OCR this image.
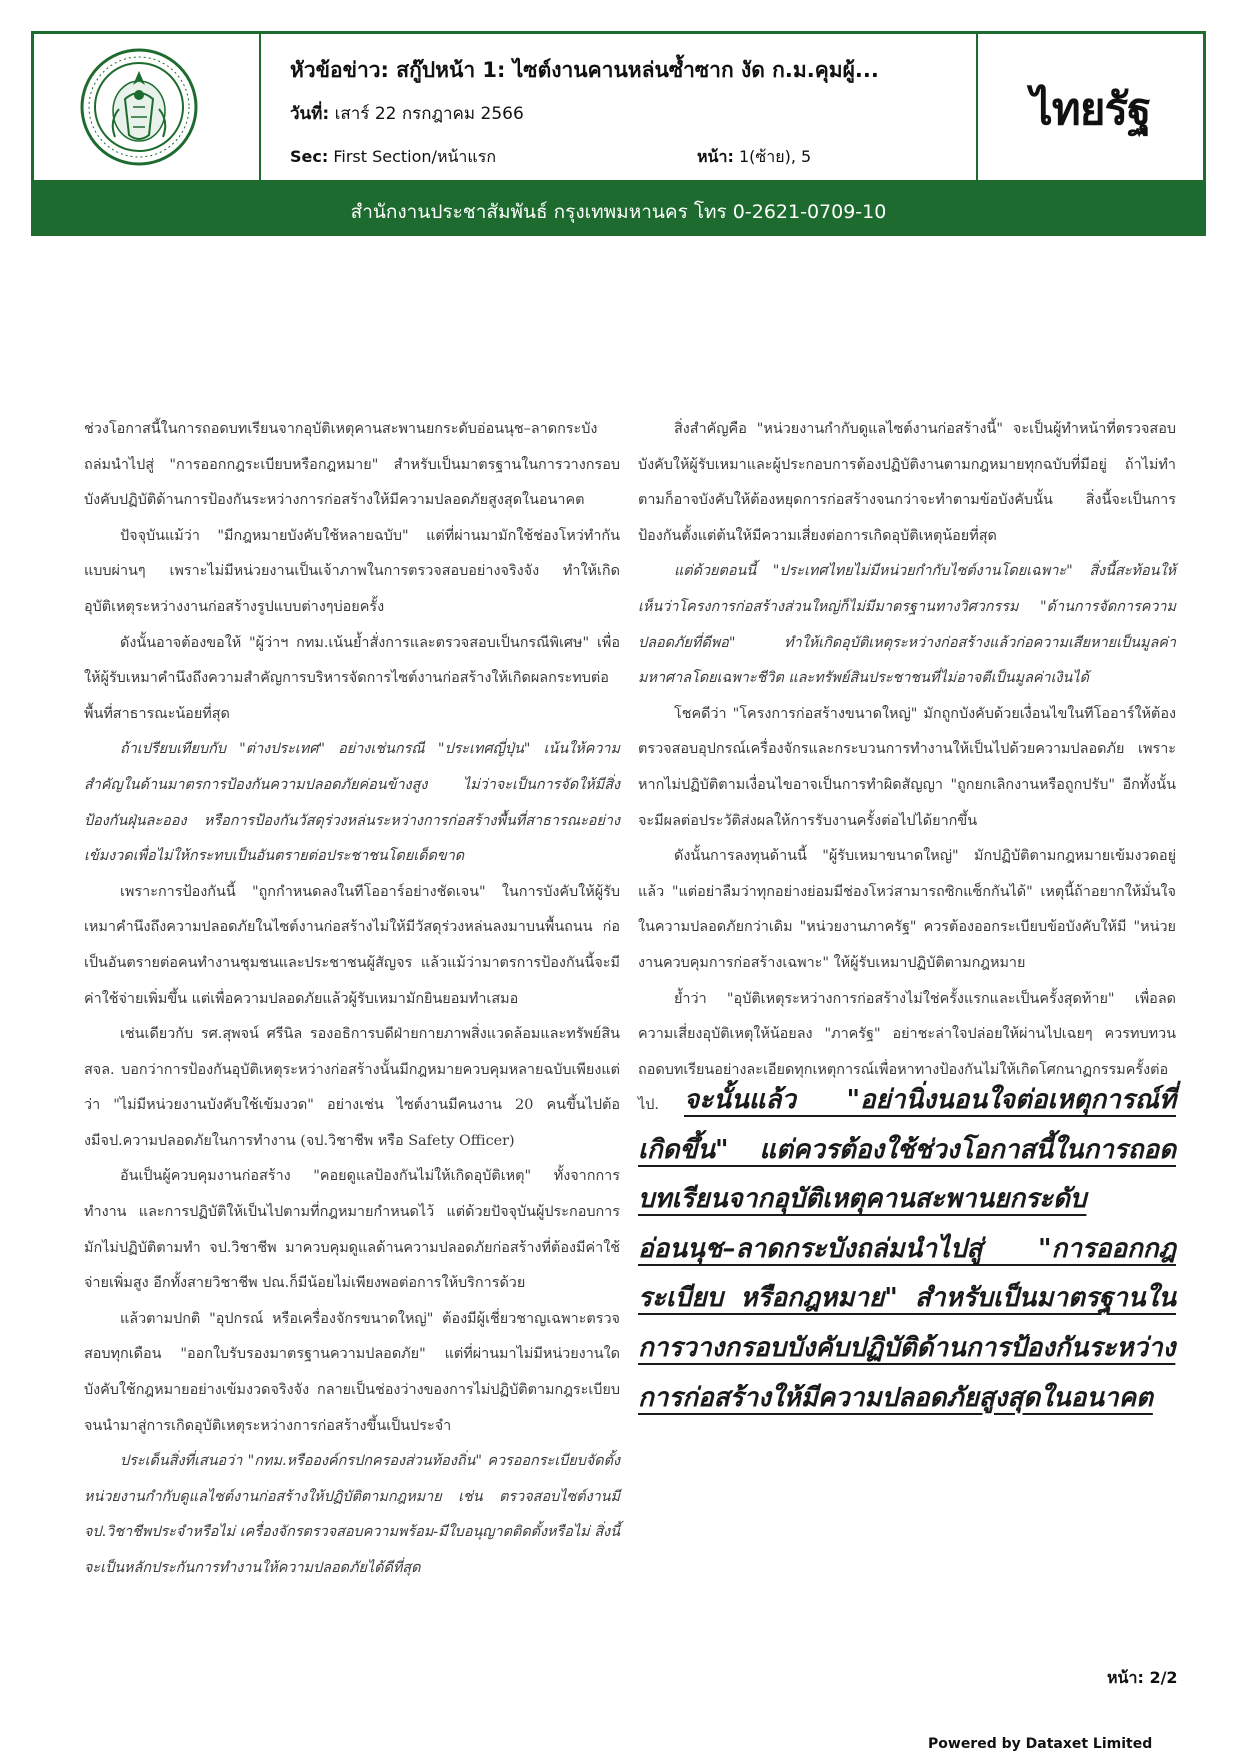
หัวข้อข่าว: สกู๊ปหน้า 1: ไซต์งานคานหล่นซ้ำซาก งัด ก.ม.คุมผู้...
วันที่: เสาร์ 22 กรกฎาคม 2566
Sec: First Section/หน้าแรก	หน้า: 1(ซ้าย), 5
ไทยรัฐ
สำนักงานประชาสัมพันธ์ กรุงเทพมหานคร โทร 0-2621-0709-10

ช่วงโอกาสนี้ในการถอดบทเรียนจากอุบัติเหตุคานสะพานยกระดับอ่อนนุช–ลาดกระบังถล่มนำไปสู่ "การออกกฎระเบียบหรือกฎหมาย" สำหรับเป็นมาตรฐานในการวางกรอบบังคับปฏิบัติด้านการป้องกันระหว่างการก่อสร้างให้มีความปลอดภัยสูงสุดในอนาคต

ปัจจุบันแม้ว่า "มีกฎหมายบังคับใช้หลายฉบับ" แต่ที่ผ่านมามักใช้ช่องโหว่ทำกันแบบผ่านๆ เพราะไม่มีหน่วยงานเป็นเจ้าภาพในการตรวจสอบอย่างจริงจัง ทำให้เกิดอุบัติเหตุระหว่างงานก่อสร้างรูปแบบต่างๆบ่อยครั้ง

ดังนั้นอาจต้องขอให้ "ผู้ว่าฯ กทม.เน้นย้ำสั่งการและตรวจสอบเป็นกรณีพิเศษ" เพื่อให้ผู้รับเหมาคำนึงถึงความสำคัญการบริหารจัดการไซต์งานก่อสร้างให้เกิดผลกระทบต่อพื้นที่สาธารณะน้อยที่สุด

ถ้าเปรียบเทียบกับ "ต่างประเทศ" อย่างเช่นกรณี "ประเทศญี่ปุ่น" เน้นให้ความสำคัญในด้านมาตรการป้องกันความปลอดภัยค่อนข้างสูง ไม่ว่าจะเป็นการจัดให้มีสิ่งป้องกันฝุ่นละออง หรือการป้องกันวัสดุร่วงหล่นระหว่างการก่อสร้างพื้นที่สาธารณะอย่างเข้มงวดเพื่อไม่ให้กระทบเป็นอันตรายต่อประชาชนโดยเด็ดขาด

เพราะการป้องกันนี้ "ถูกกำหนดลงในทีโออาร์อย่างชัดเจน" ในการบังคับให้ผู้รับเหมาคำนึงถึงความปลอดภัยในไซต์งานก่อสร้างไม่ให้มีวัสดุร่วงหล่นลงมาบนพื้นถนน ก่อเป็นอันตรายต่อคนทำงานชุมชนและประชาชนผู้สัญจร แล้วแม้ว่ามาตรการป้องกันนี้จะมีค่าใช้จ่ายเพิ่มขึ้น แต่เพื่อความปลอดภัยแล้วผู้รับเหมามักยินยอมทำเสมอ

เช่นเดียวกับ รศ.สุพจน์ ศรีนิล รองอธิการบดีฝ่ายกายภาพสิ่งแวดล้อมและทรัพย์สิน สจล. บอกว่าการป้องกันอุบัติเหตุระหว่างก่อสร้างนั้นมีกฎหมายควบคุมหลายฉบับเพียงแต่ว่า "ไม่มีหน่วยงานบังคับใช้เข้มงวด" อย่างเช่น ไซต์งานมีคนงาน 20 คนขึ้นไปต้องมีจป.ความปลอดภัยในการทำงาน (จป.วิชาชีพ หรือ Safety Officer)

อันเป็นผู้ควบคุมงานก่อสร้าง "คอยดูแลป้องกันไม่ให้เกิดอุบัติเหตุ" ทั้งจากการทำงาน และการปฏิบัติให้เป็นไปตามที่กฎหมายกำหนดไว้ แต่ด้วยปัจจุบันผู้ประกอบการมักไม่ปฏิบัติตามทำ จป.วิชาชีพ มาควบคุมดูแลด้านความปลอดภัยก่อสร้างที่ต้องมีค่าใช้จ่ายเพิ่มสูง อีกทั้งสายวิชาชีพ ปณ.ก็มีน้อยไม่เพียงพอต่อการให้บริการด้วย

แล้วตามปกติ "อุปกรณ์ หรือเครื่องจักรขนาดใหญ่" ต้องมีผู้เชี่ยวชาญเฉพาะตรวจสอบทุกเดือน "ออกใบรับรองมาตรฐานความปลอดภัย" แต่ที่ผ่านมาไม่มีหน่วยงานใดบังคับใช้กฎหมายอย่างเข้มงวดจริงจัง กลายเป็นช่องว่างของการไม่ปฏิบัติตามกฎระเบียบจนนำมาสู่การเกิดอุบัติเหตุระหว่างการก่อสร้างขึ้นเป็นประจำ

ประเด็นสิ่งที่เสนอว่า "กทม.หรือองค์กรปกครองส่วนท้องถิ่น" ควรออกระเบียบจัดตั้งหน่วยงานกำกับดูแลไซต์งานก่อสร้างให้ปฏิบัติตามกฎหมาย เช่น ตรวจสอบไซต์งานมี จป.วิชาชีพประจำหรือไม่ เครื่องจักรตรวจสอบความพร้อม-มีใบอนุญาตติดตั้งหรือไม่ สิ่งนี้จะเป็นหลักประกันการทำงานให้ความปลอดภัยได้ดีที่สุด

สิ่งสำคัญคือ "หน่วยงานกำกับดูแลไซต์งานก่อสร้างนี้" จะเป็นผู้ทำหน้าที่ตรวจสอบบังคับให้ผู้รับเหมาและผู้ประกอบการต้องปฏิบัติงานตามกฎหมายทุกฉบับที่มีอยู่ ถ้าไม่ทำตามก็อาจบังคับให้ต้องหยุดการก่อสร้างจนกว่าจะทำตามข้อบังคับนั้น สิ่งนี้จะเป็นการป้องกันตั้งแต่ต้นให้มีความเสี่ยงต่อการเกิดอุบัติเหตุน้อยที่สุด

แต่ด้วยตอนนี้ "ประเทศไทยไม่มีหน่วยกำกับไซต์งานโดยเฉพาะ" สิ่งนี้สะท้อนให้เห็นว่าโครงการก่อสร้างส่วนใหญ่ก็ไม่มีมาตรฐานทางวิศวกรรม "ด้านการจัดการความปลอดภัยที่ดีพอ" ทำให้เกิดอุบัติเหตุระหว่างก่อสร้างแล้วก่อความเสียหายเป็นมูลค่ามหาศาลโดยเฉพาะชีวิต และทรัพย์สินประชาชนที่ไม่อาจตีเป็นมูลค่าเงินได้

โชคดีว่า "โครงการก่อสร้างขนาดใหญ่" มักถูกบังคับด้วยเงื่อนไขในทีโออาร์ให้ต้องตรวจสอบอุปกรณ์เครื่องจักรและกระบวนการทำงานให้เป็นไปด้วยความปลอดภัย เพราะหากไม่ปฏิบัติตามเงื่อนไขอาจเป็นการทำผิดสัญญา "ถูกยกเลิกงานหรือถูกปรับ" อีกทั้งนั้นจะมีผลต่อประวัติส่งผลให้การรับงานครั้งต่อไปได้ยากขึ้น

ดังนั้นการลงทุนด้านนี้ "ผู้รับเหมาขนาดใหญ่" มักปฏิบัติตามกฎหมายเข้มงวดอยู่แล้ว "แต่อย่าลืมว่าทุกอย่างย่อมมีช่องโหว่สามารถซิกแซ็กกันได้" เหตุนี้ถ้าอยากให้มั่นใจในความปลอดภัยกว่าเดิม "หน่วยงานภาครัฐ" ควรต้องออกระเบียบข้อบังคับให้มี "หน่วยงานควบคุมการก่อสร้างเฉพาะ" ให้ผู้รับเหมาปฏิบัติตามกฎหมาย

ย้ำว่า "อุบัติเหตุระหว่างการก่อสร้างไม่ใช่ครั้งแรกและเป็นครั้งสุดท้าย" เพื่อลดความเสี่ยงอุบัติเหตุให้น้อยลง "ภาครัฐ" อย่าชะล่าใจปล่อยให้ผ่านไปเฉยๆ ควรทบทวนถอดบทเรียนอย่างละเอียดทุกเหตุการณ์เพื่อหาทางป้องกันไม่ให้เกิดโศกนาฏกรรมครั้งต่อไป. จะนั้นแล้ว "อย่านิ่งนอนใจต่อเหตุการณ์ที่เกิดขึ้น" แต่ควรต้องใช้ช่วงโอกาสนี้ในการถอดบทเรียนจากอุบัติเหตุคานสะพานยกระดับอ่อนนุช–ลาดกระบังถล่มนำไปสู่ "การออกกฎระเบียบ หรือกฎหมาย" สำหรับเป็นมาตรฐานในการวางกรอบบังคับปฏิบัติด้านการป้องกันระหว่างการก่อสร้างให้มีความปลอดภัยสูงสุดในอนาคต

หน้า: 2/2
Powered by Dataxet Limited
